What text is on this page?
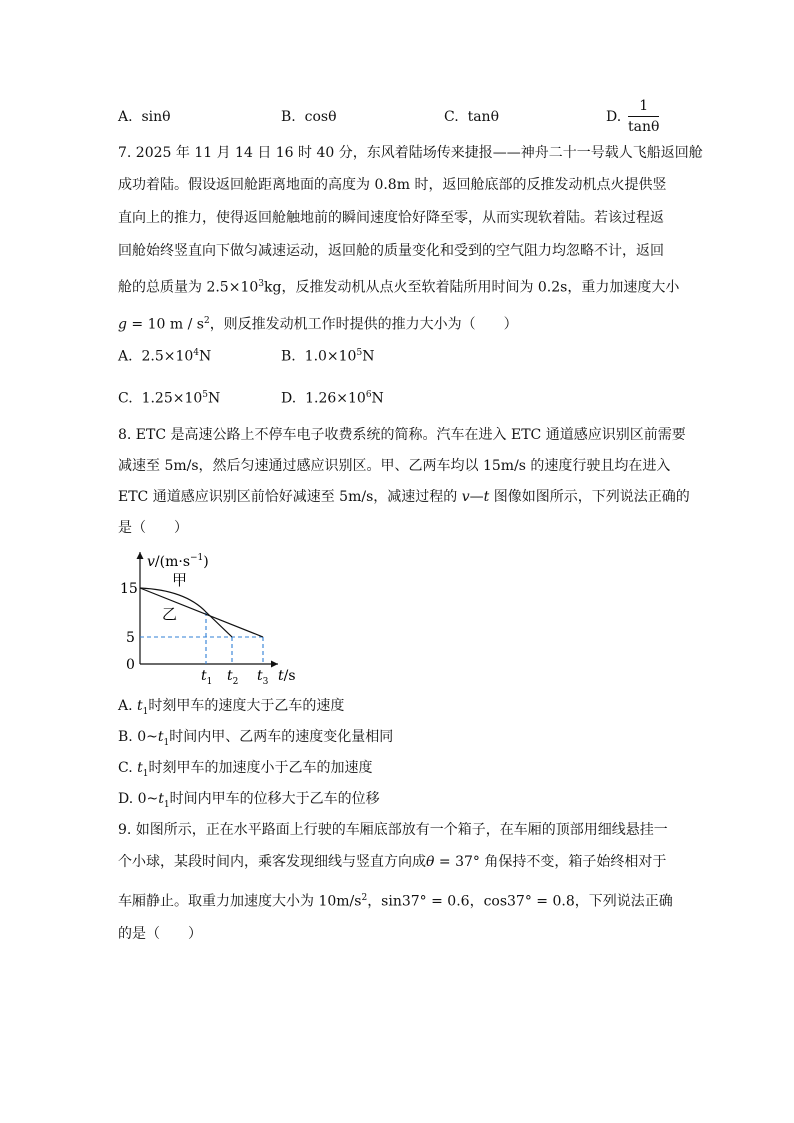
A. sinθ	B. cosθ	C. tanθ	D. $\frac{1}{\tan\theta}$
7. 2025 年 11 月 14 日 16 时 40 分，东风着陆场传来捷报——神舟二十一号载人飞船返回舱
成功着陆。假设返回舱距离地面的高度为 0.8m 时，返回舱底部的反推发动机点火提供竖
直向上的推力，使得返回舱触地前的瞬间速度恰好降至零，从而实现软着陆。若该过程返
回舱始终竖直向下做匀减速运动，返回舱的质量变化和受到的空气阻力均忽略不计，返回
舱的总质量为 $2.5\times 10^3kg$，反推发动机从点火至软着陆所用时间为 0.2s，重力加速度大小
g = 10 m / $s^2$，则反推发动机工作时提供的推力大小为（　　）
A. $2.5\times 10^4N$	B. $1.0\times 10^5N$
C. $1.25\times 10^5N$	D. $1.26\times 10^6N$
8. ETC 是高速公路上不停车电子收费系统的简称。汽车在进入 ETC 通道感应识别区前需要
减速至 5m/s，然后匀速通过感应识别区。甲、乙两车均以 15m/s 的速度行驶且均在进入
ETC 通道感应识别区前恰好减速至 5m/s，减速过程的 v—t 图像如图所示，下列说法正确的
是（　　）
$v/(m\cdot s^{-1})$
15
5
0
甲
乙
$t_1$ $t_2$ $t_3$ t/s
A. $t_1$时刻甲车的速度大于乙车的速度
B. $0\sim t_1$时间内甲、乙两车的速度变化量相同
C. $t_1$时刻甲车的加速度小于乙车的加速度
D. $0\sim t_1$时间内甲车的位移大于乙车的位移
9. 如图所示，正在水平路面上行驶的车厢底部放有一个箱子，在车厢的顶部用细线悬挂一
个小球，某段时间内，乘客发现细线与竖直方向成θ = 37° 角保持不变，箱子始终相对于
车厢静止。取重力加速度大小为 $10m/s^2$，sin37° = 0.6，cos37° = 0.8，下列说法正确
的是（　　）
